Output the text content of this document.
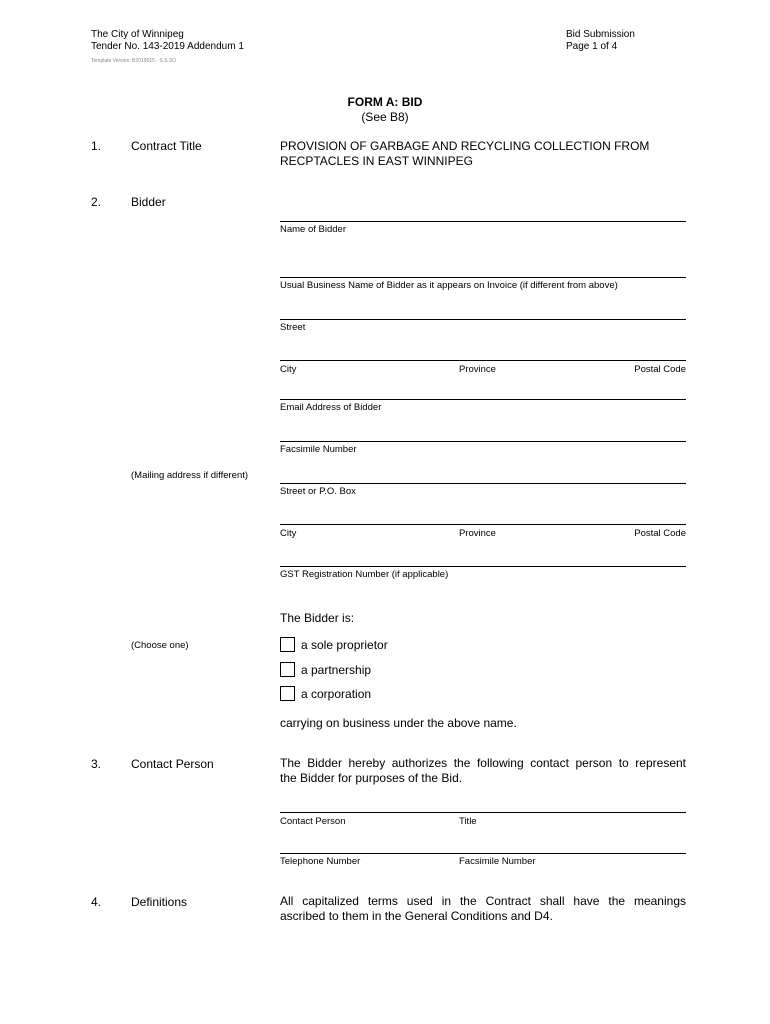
The City of Winnipeg
Tender No. 143-2019 Addendum 1
Template Version: B2019015 - S.S.SO
Bid Submission
Page 1 of 4
FORM A: BID
(See B8)
1. Contract Title	PROVISION OF GARBAGE AND RECYCLING COLLECTION FROM
RECPTACLES IN EAST WINNIPEG
2. Bidder
Name of Bidder
Usual Business Name of Bidder as it appears on Invoice (if different from above)
Street
City	Province	Postal Code
Email Address of Bidder
Facsimile Number
(Mailing address if different)
Street or P.O. Box
City	Province	Postal Code
GST Registration Number (if applicable)
The Bidder is:
(Choose one)	a sole proprietor
a partnership
a corporation
carrying on business under the above name.
3. Contact Person	The Bidder hereby authorizes the following contact person to represent
the Bidder for purposes of the Bid.
Contact Person	Title
Telephone Number	Facsimile Number
4. Definitions	All capitalized terms used in the Contract shall have the meanings
ascribed to them in the General Conditions and D4.
